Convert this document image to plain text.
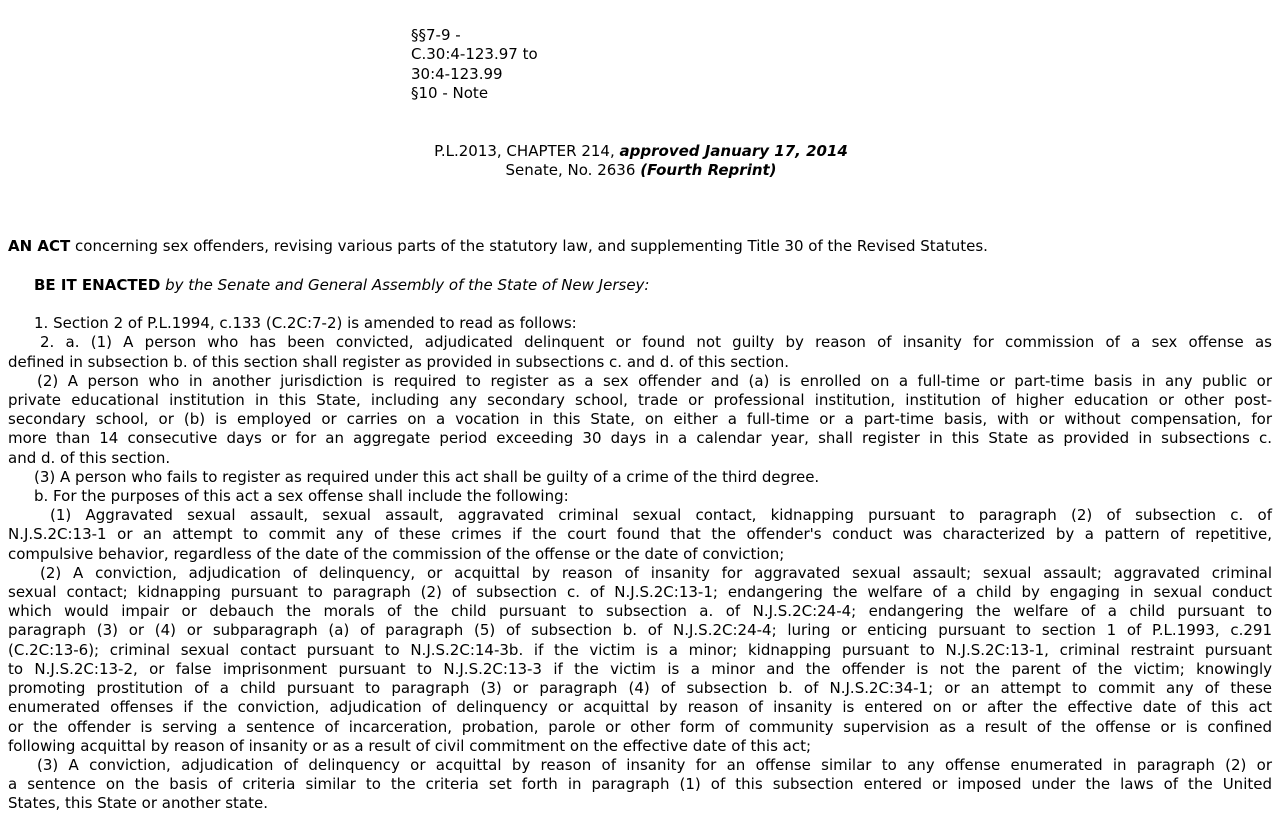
§§7-9 -
C.30:4-123.97 to
30:4-123.99
§10 - Note
P.L.2013, CHAPTER 214, approved January 17, 2014
Senate, No. 2636 (Fourth Reprint)
AN ACT concerning sex offenders, revising various parts of the statutory law, and supplementing Title 30 of the Revised Statutes.
BE IT ENACTED by the Senate and General Assembly of the State of New Jersey:
1. Section 2 of P.L.1994, c.133 (C.2C:7-2) is amended to read as follows:
2. a. (1) A person who has been convicted, adjudicated delinquent or found not guilty by reason of insanity for commission of a sex offense as
defined in subsection b. of this section shall register as provided in subsections c. and d. of this section.
(2) A person who in another jurisdiction is required to register as a sex offender and (a) is enrolled on a full-time or part-time basis in any public or
private educational institution in this State, including any secondary school, trade or professional institution, institution of higher education or other post-
secondary school, or (b) is employed or carries on a vocation in this State, on either a full-time or a part-time basis, with or without compensation, for
more than 14 consecutive days or for an aggregate period exceeding 30 days in a calendar year, shall register in this State as provided in subsections c.
and d. of this section.
(3) A person who fails to register as required under this act shall be guilty of a crime of the third degree.
b. For the purposes of this act a sex offense shall include the following:
(1) Aggravated sexual assault, sexual assault, aggravated criminal sexual contact, kidnapping pursuant to paragraph (2) of subsection c. of
N.J.S.2C:13-1 or an attempt to commit any of these crimes if the court found that the offender's conduct was characterized by a pattern of repetitive,
compulsive behavior, regardless of the date of the commission of the offense or the date of conviction;
(2) A conviction, adjudication of delinquency, or acquittal by reason of insanity for aggravated sexual assault; sexual assault; aggravated criminal
sexual contact; kidnapping pursuant to paragraph (2) of subsection c. of N.J.S.2C:13-1; endangering the welfare of a child by engaging in sexual conduct
which would impair or debauch the morals of the child pursuant to subsection a. of N.J.S.2C:24-4; endangering the welfare of a child pursuant to
paragraph (3) or (4) or subparagraph (a) of paragraph (5) of subsection b. of N.J.S.2C:24-4; luring or enticing pursuant to section 1 of P.L.1993, c.291
(C.2C:13-6); criminal sexual contact pursuant to N.J.S.2C:14-3b. if the victim is a minor; kidnapping pursuant to N.J.S.2C:13-1, criminal restraint pursuant
to N.J.S.2C:13-2, or false imprisonment pursuant to N.J.S.2C:13-3 if the victim is a minor and the offender is not the parent of the victim; knowingly
promoting prostitution of a child pursuant to paragraph (3) or paragraph (4) of subsection b. of N.J.S.2C:34-1; or an attempt to commit any of these
enumerated offenses if the conviction, adjudication of delinquency or acquittal by reason of insanity is entered on or after the effective date of this act
or the offender is serving a sentence of incarceration, probation, parole or other form of community supervision as a result of the offense or is confined
following acquittal by reason of insanity or as a result of civil commitment on the effective date of this act;
(3) A conviction, adjudication of delinquency or acquittal by reason of insanity for an offense similar to any offense enumerated in paragraph (2) or
a sentence on the basis of criteria similar to the criteria set forth in paragraph (1) of this subsection entered or imposed under the laws of the United
States, this State or another state.
